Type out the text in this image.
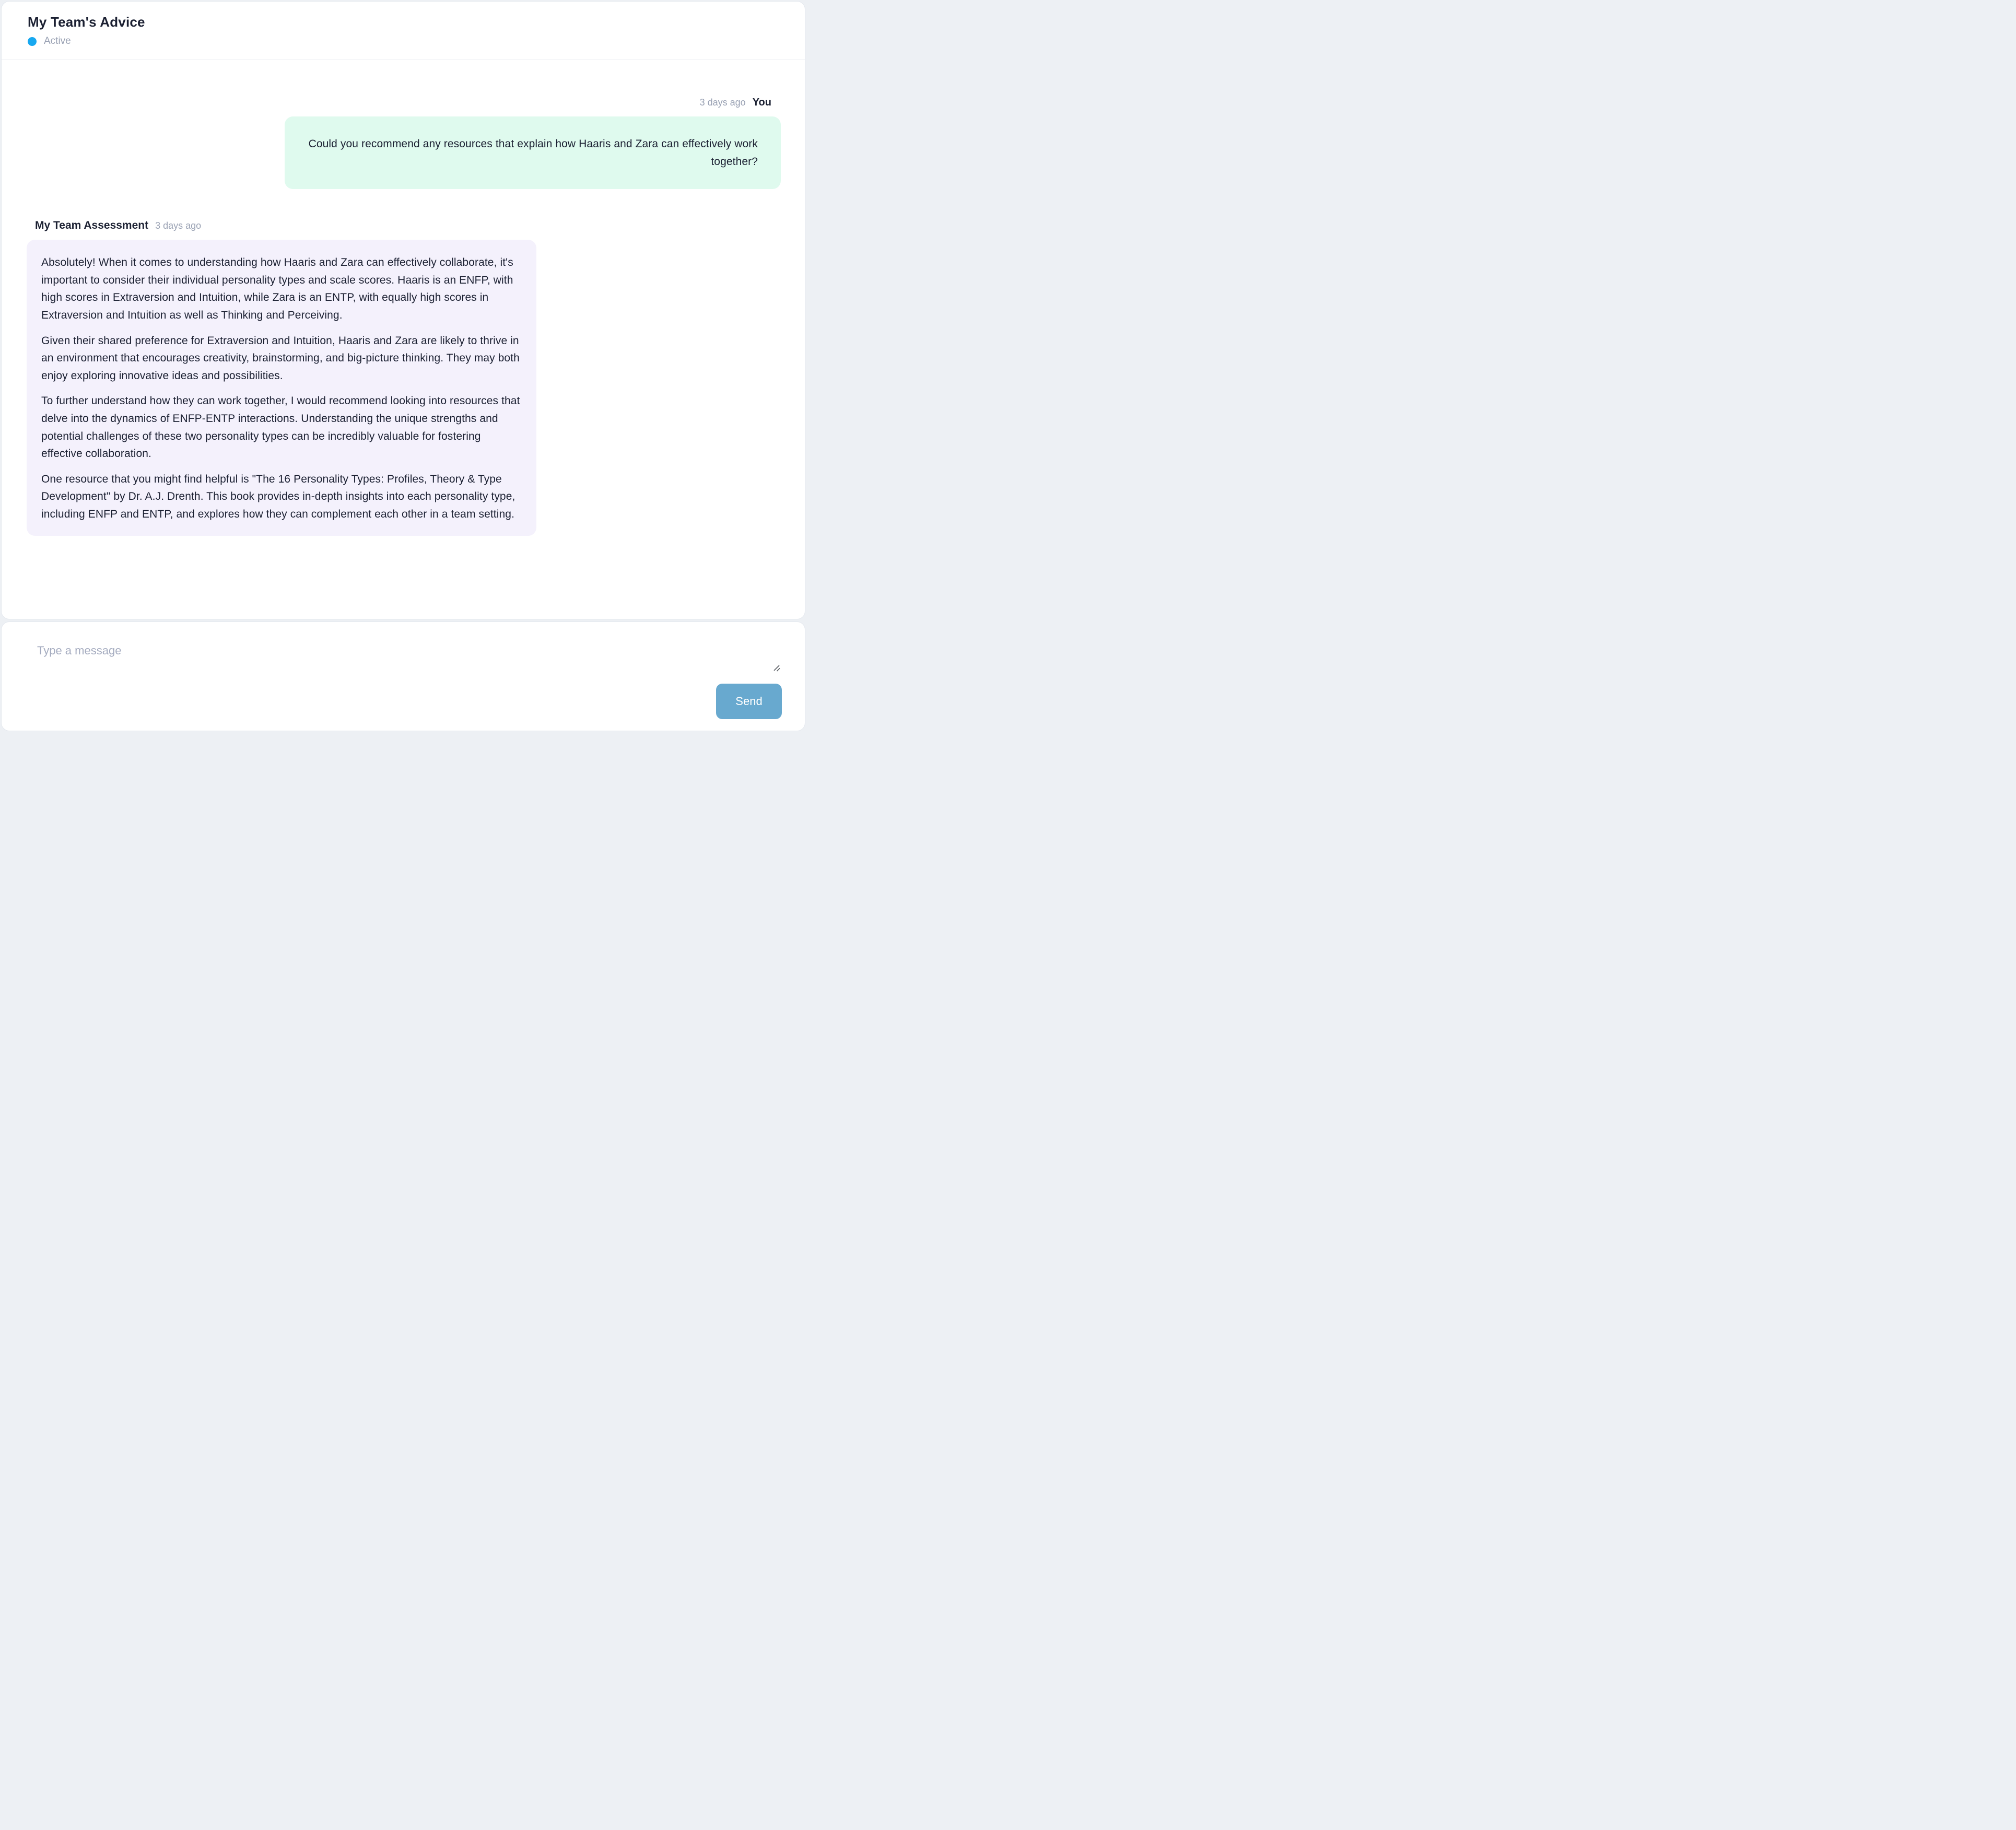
My Team's Advice
Active
3 days ago You
Could you recommend any resources that explain how Haaris and Zara can effectively work together?
My Team Assessment 3 days ago

Absolutely! When it comes to understanding how Haaris and Zara can effectively collaborate, it's important to consider their individual personality types and scale scores. Haaris is an ENFP, with high scores in Extraversion and Intuition, while Zara is an ENTP, with equally high scores in Extraversion and Intuition as well as Thinking and Perceiving.

Given their shared preference for Extraversion and Intuition, Haaris and Zara are likely to thrive in an environment that encourages creativity, brainstorming, and big-picture thinking. They may both enjoy exploring innovative ideas and possibilities.

To further understand how they can work together, I would recommend looking into resources that delve into the dynamics of ENFP-ENTP interactions. Understanding the unique strengths and potential challenges of these two personality types can be incredibly valuable for fostering effective collaboration.

One resource that you might find helpful is "The 16 Personality Types: Profiles, Theory & Type Development" by Dr. A.J. Drenth. This book provides in-depth insights into each personality type, including ENFP and ENTP, and explores how they can complement each other in a team setting.

Type a message
Send
